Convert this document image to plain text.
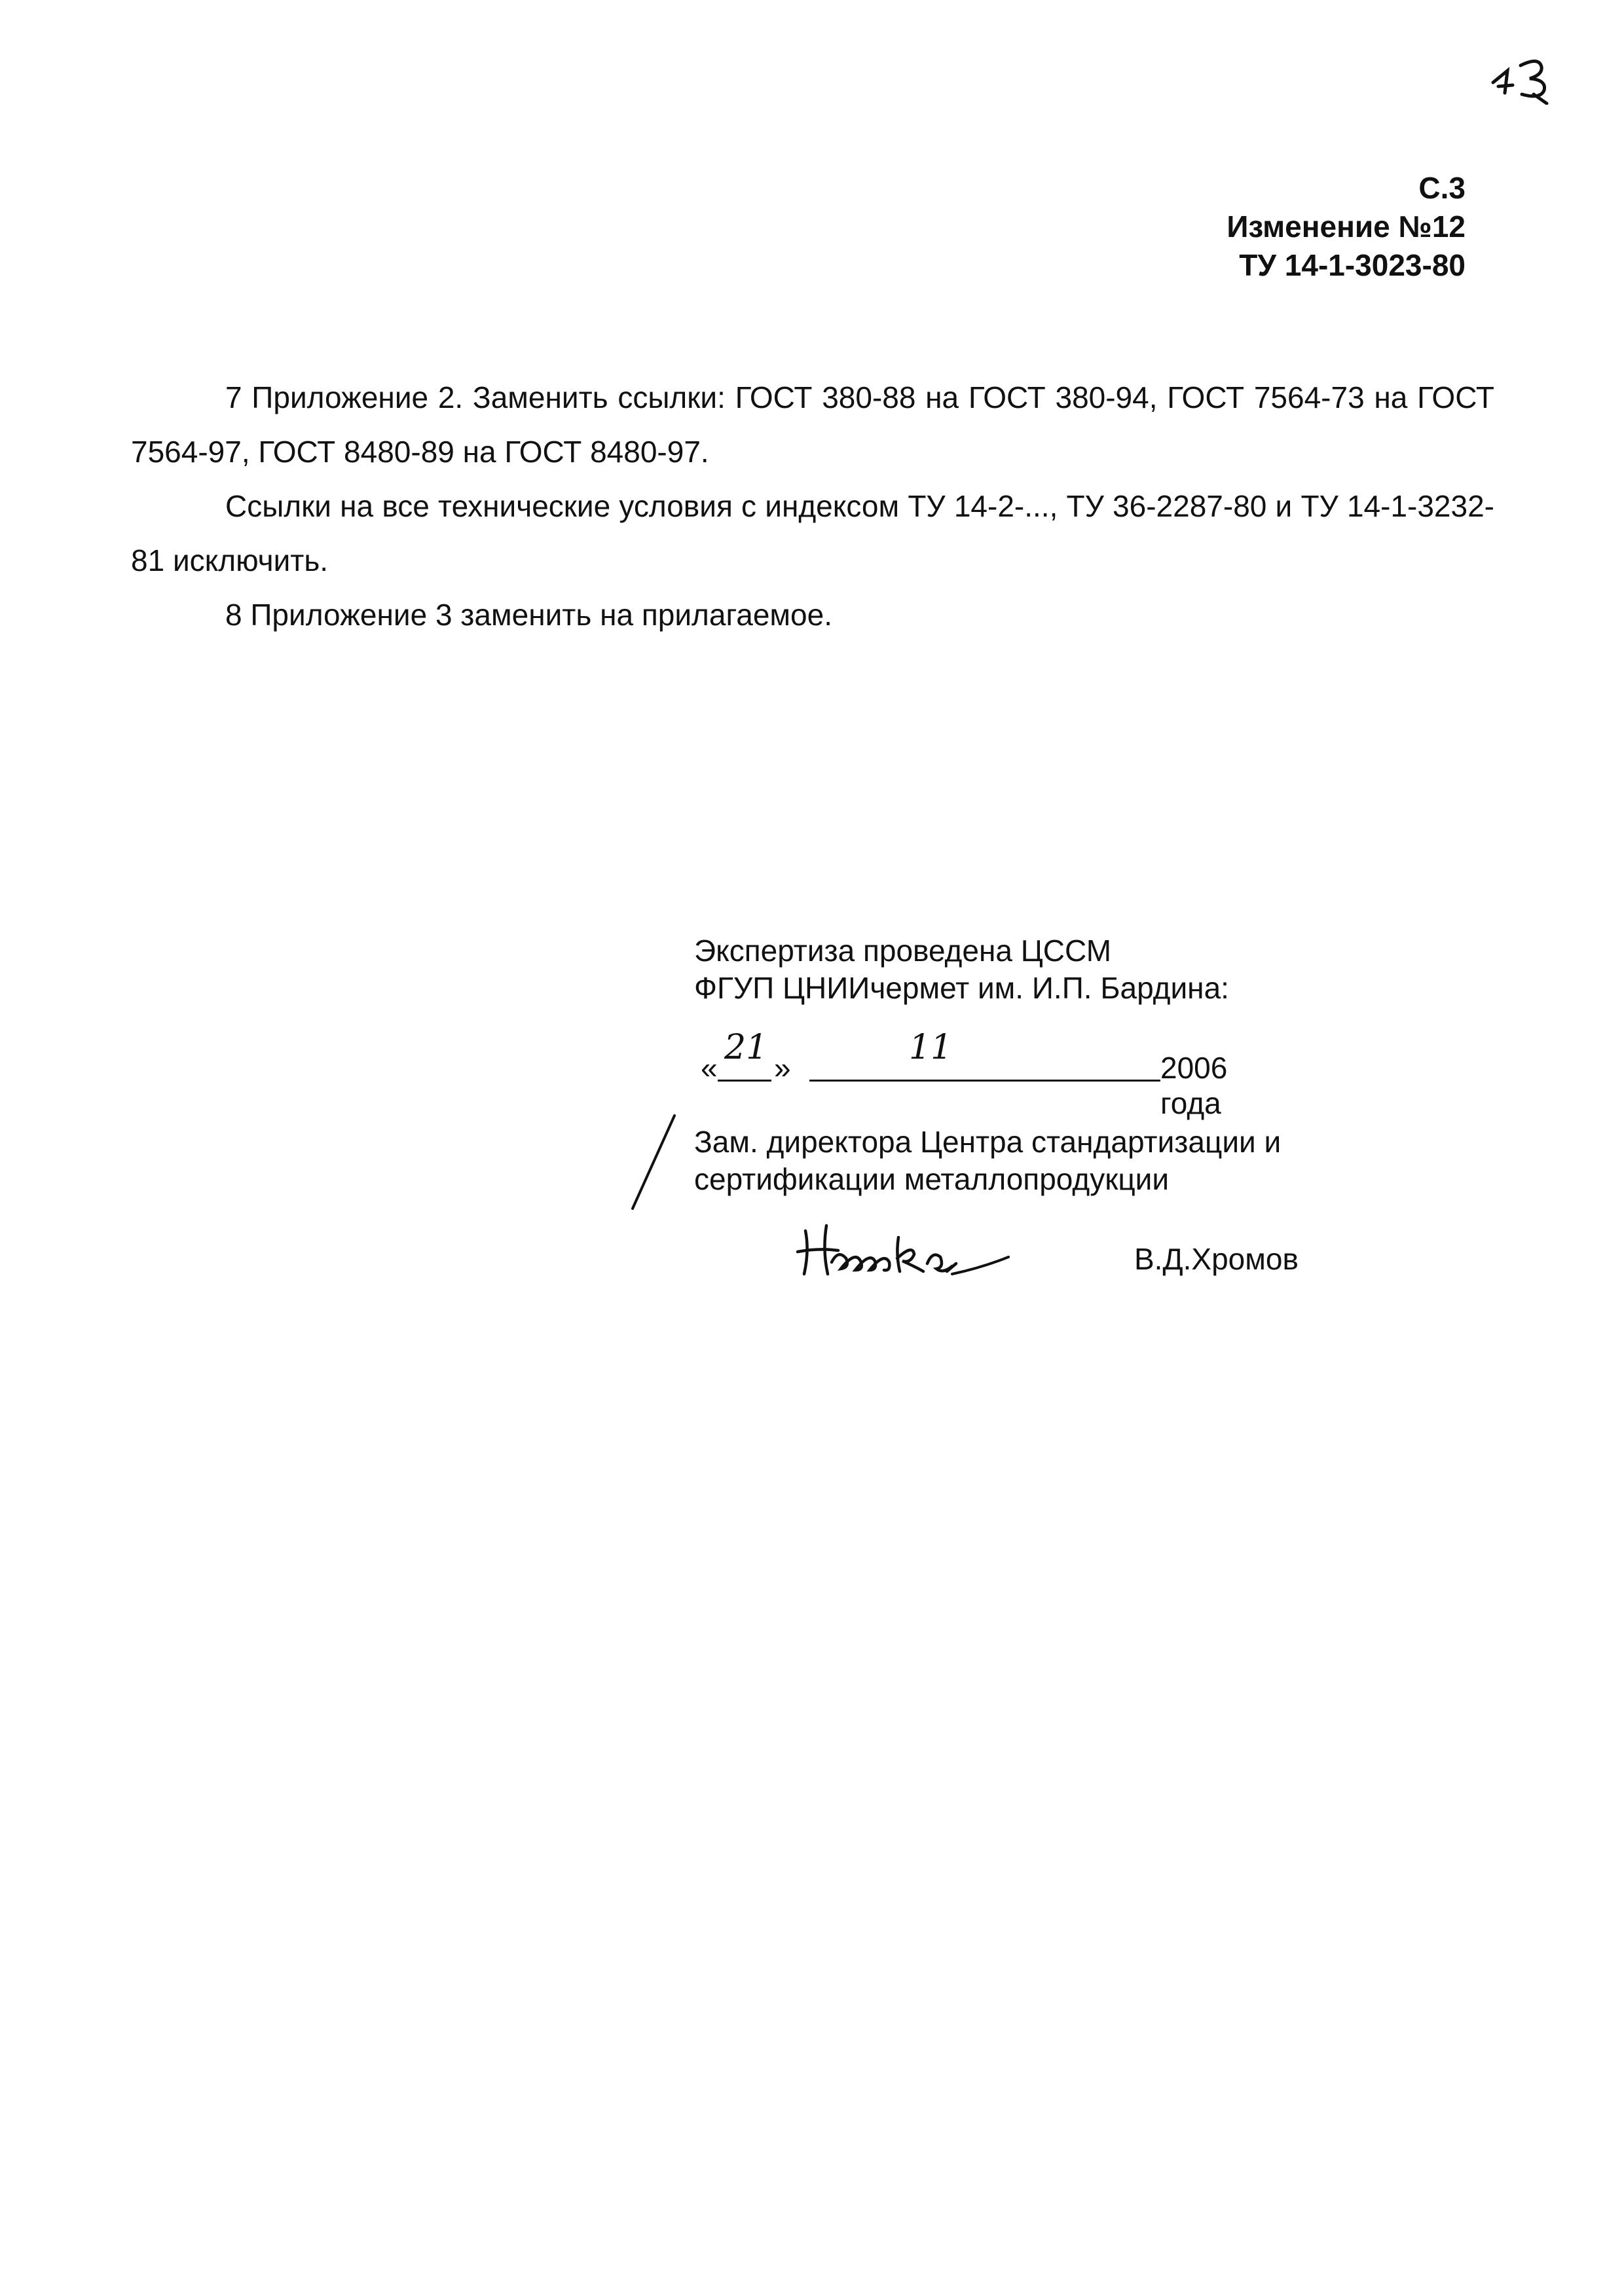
С.3
Изменение №12
ТУ 14-1-3023-80

7 Приложение 2. Заменить ссылки: ГОСТ 380-88 на ГОСТ 380-94, ГОСТ 7564-73 на ГОСТ 7564-97, ГОСТ 8480-89 на ГОСТ 8480-97.

Ссылки на все технические условия с индексом ТУ 14-2-..., ТУ 36-2287-80 и ТУ 14-1-3232-81 исключить.

8 Приложение 3 заменить на прилагаемое.

Экспертиза проведена ЦССМ
ФГУП ЦНИИчермет им. И.П. Бардина:
«
21
»
11
2006 года
Зам. директора Центра стандартизации и
сертификации металлопродукции
В.Д.Хромов
